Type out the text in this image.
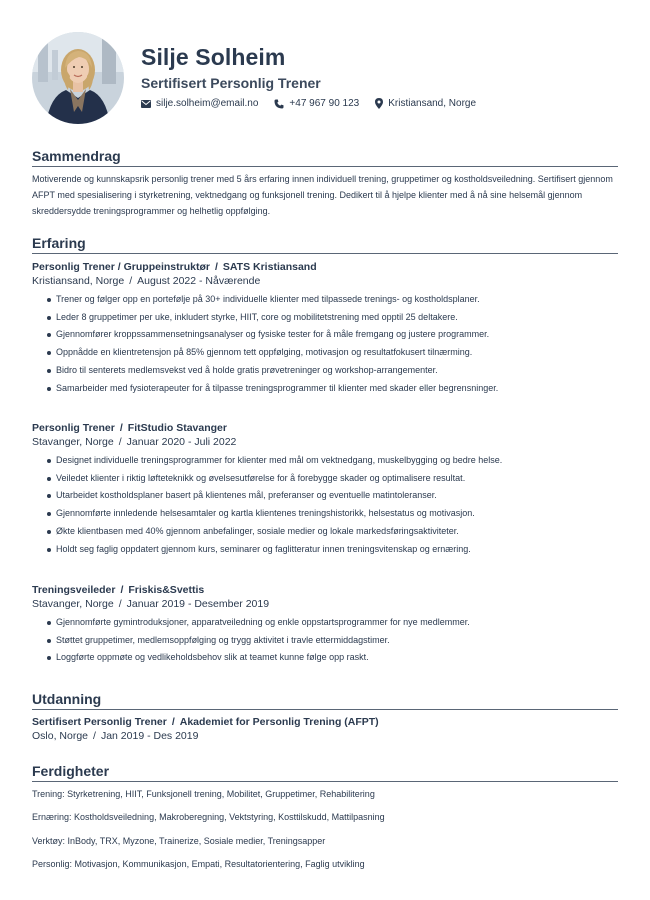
Silje Solheim
Sertifisert Personlig Trener
silje.solheim@email.no	+47 967 90 123	Kristiansand, Norge
Sammendrag
Motiverende og kunnskapsrik personlig trener med 5 års erfaring innen individuell trening, gruppetimer og kostholdsveiledning. Sertifisert gjennom AFPT med spesialisering i styrketrening, vektnedgang og funksjonell trening. Dedikert til å hjelpe klienter med å nå sine helsemål gjennom skreddersydde treningsprogrammer og helhetlig oppfølging.
Erfaring
Personlig Trener / Gruppeinstruktør / SATS Kristiansand
Kristiansand, Norge / August 2022 - Nåværende
Trener og følger opp en portefølje på 30+ individuelle klienter med tilpassede trenings- og kostholdsplaner.
Leder 8 gruppetimer per uke, inkludert styrke, HIIT, core og mobilitetstrening med opptil 25 deltakere.
Gjennomfører kroppssammensetningsanalyser og fysiske tester for å måle fremgang og justere programmer.
Oppnådde en klientretensjon på 85% gjennom tett oppfølging, motivasjon og resultatfokusert tilnærming.
Bidro til senterets medlemsvekst ved å holde gratis prøvetreninger og workshop-arrangementer.
Samarbeider med fysioterapeuter for å tilpasse treningsprogrammer til klienter med skader eller begrensninger.
Personlig Trener / FitStudio Stavanger
Stavanger, Norge / Januar 2020 - Juli 2022
Designet individuelle treningsprogrammer for klienter med mål om vektnedgang, muskelbygging og bedre helse.
Veiledet klienter i riktig løfteteknikk og øvelsesutførelse for å forebygge skader og optimalisere resultat.
Utarbeidet kostholdsplaner basert på klientenes mål, preferanser og eventuelle matintoleranser.
Gjennomførte innledende helsesamtaler og kartla klientenes treningshistorikk, helsestatus og motivasjon.
Økte klientbasen med 40% gjennom anbefalinger, sosiale medier og lokale markedsføringsaktiviteter.
Holdt seg faglig oppdatert gjennom kurs, seminarer og faglitteratur innen treningsvitenskap og ernæring.
Treningsveileder / Friskis&Svettis
Stavanger, Norge / Januar 2019 - Desember 2019
Gjennomførte gymintroduksjoner, apparatveiledning og enkle oppstartsprogrammer for nye medlemmer.
Støttet gruppetimer, medlemsoppfølging og trygg aktivitet i travle ettermiddagstimer.
Loggførte oppmøte og vedlikeholdsbehov slik at teamet kunne følge opp raskt.
Utdanning
Sertifisert Personlig Trener / Akademiet for Personlig Trening (AFPT)
Oslo, Norge / Jan 2019 - Des 2019
Ferdigheter
Trening: Styrketrening, HIIT, Funksjonell trening, Mobilitet, Gruppetimer, Rehabilitering
Ernæring: Kostholdsveiledning, Makroberegning, Vektstyring, Kosttilskudd, Mattilpasning
Verktøy: InBody, TRX, Myzone, Trainerize, Sosiale medier, Treningsapper
Personlig: Motivasjon, Kommunikasjon, Empati, Resultatorientering, Faglig utvikling
